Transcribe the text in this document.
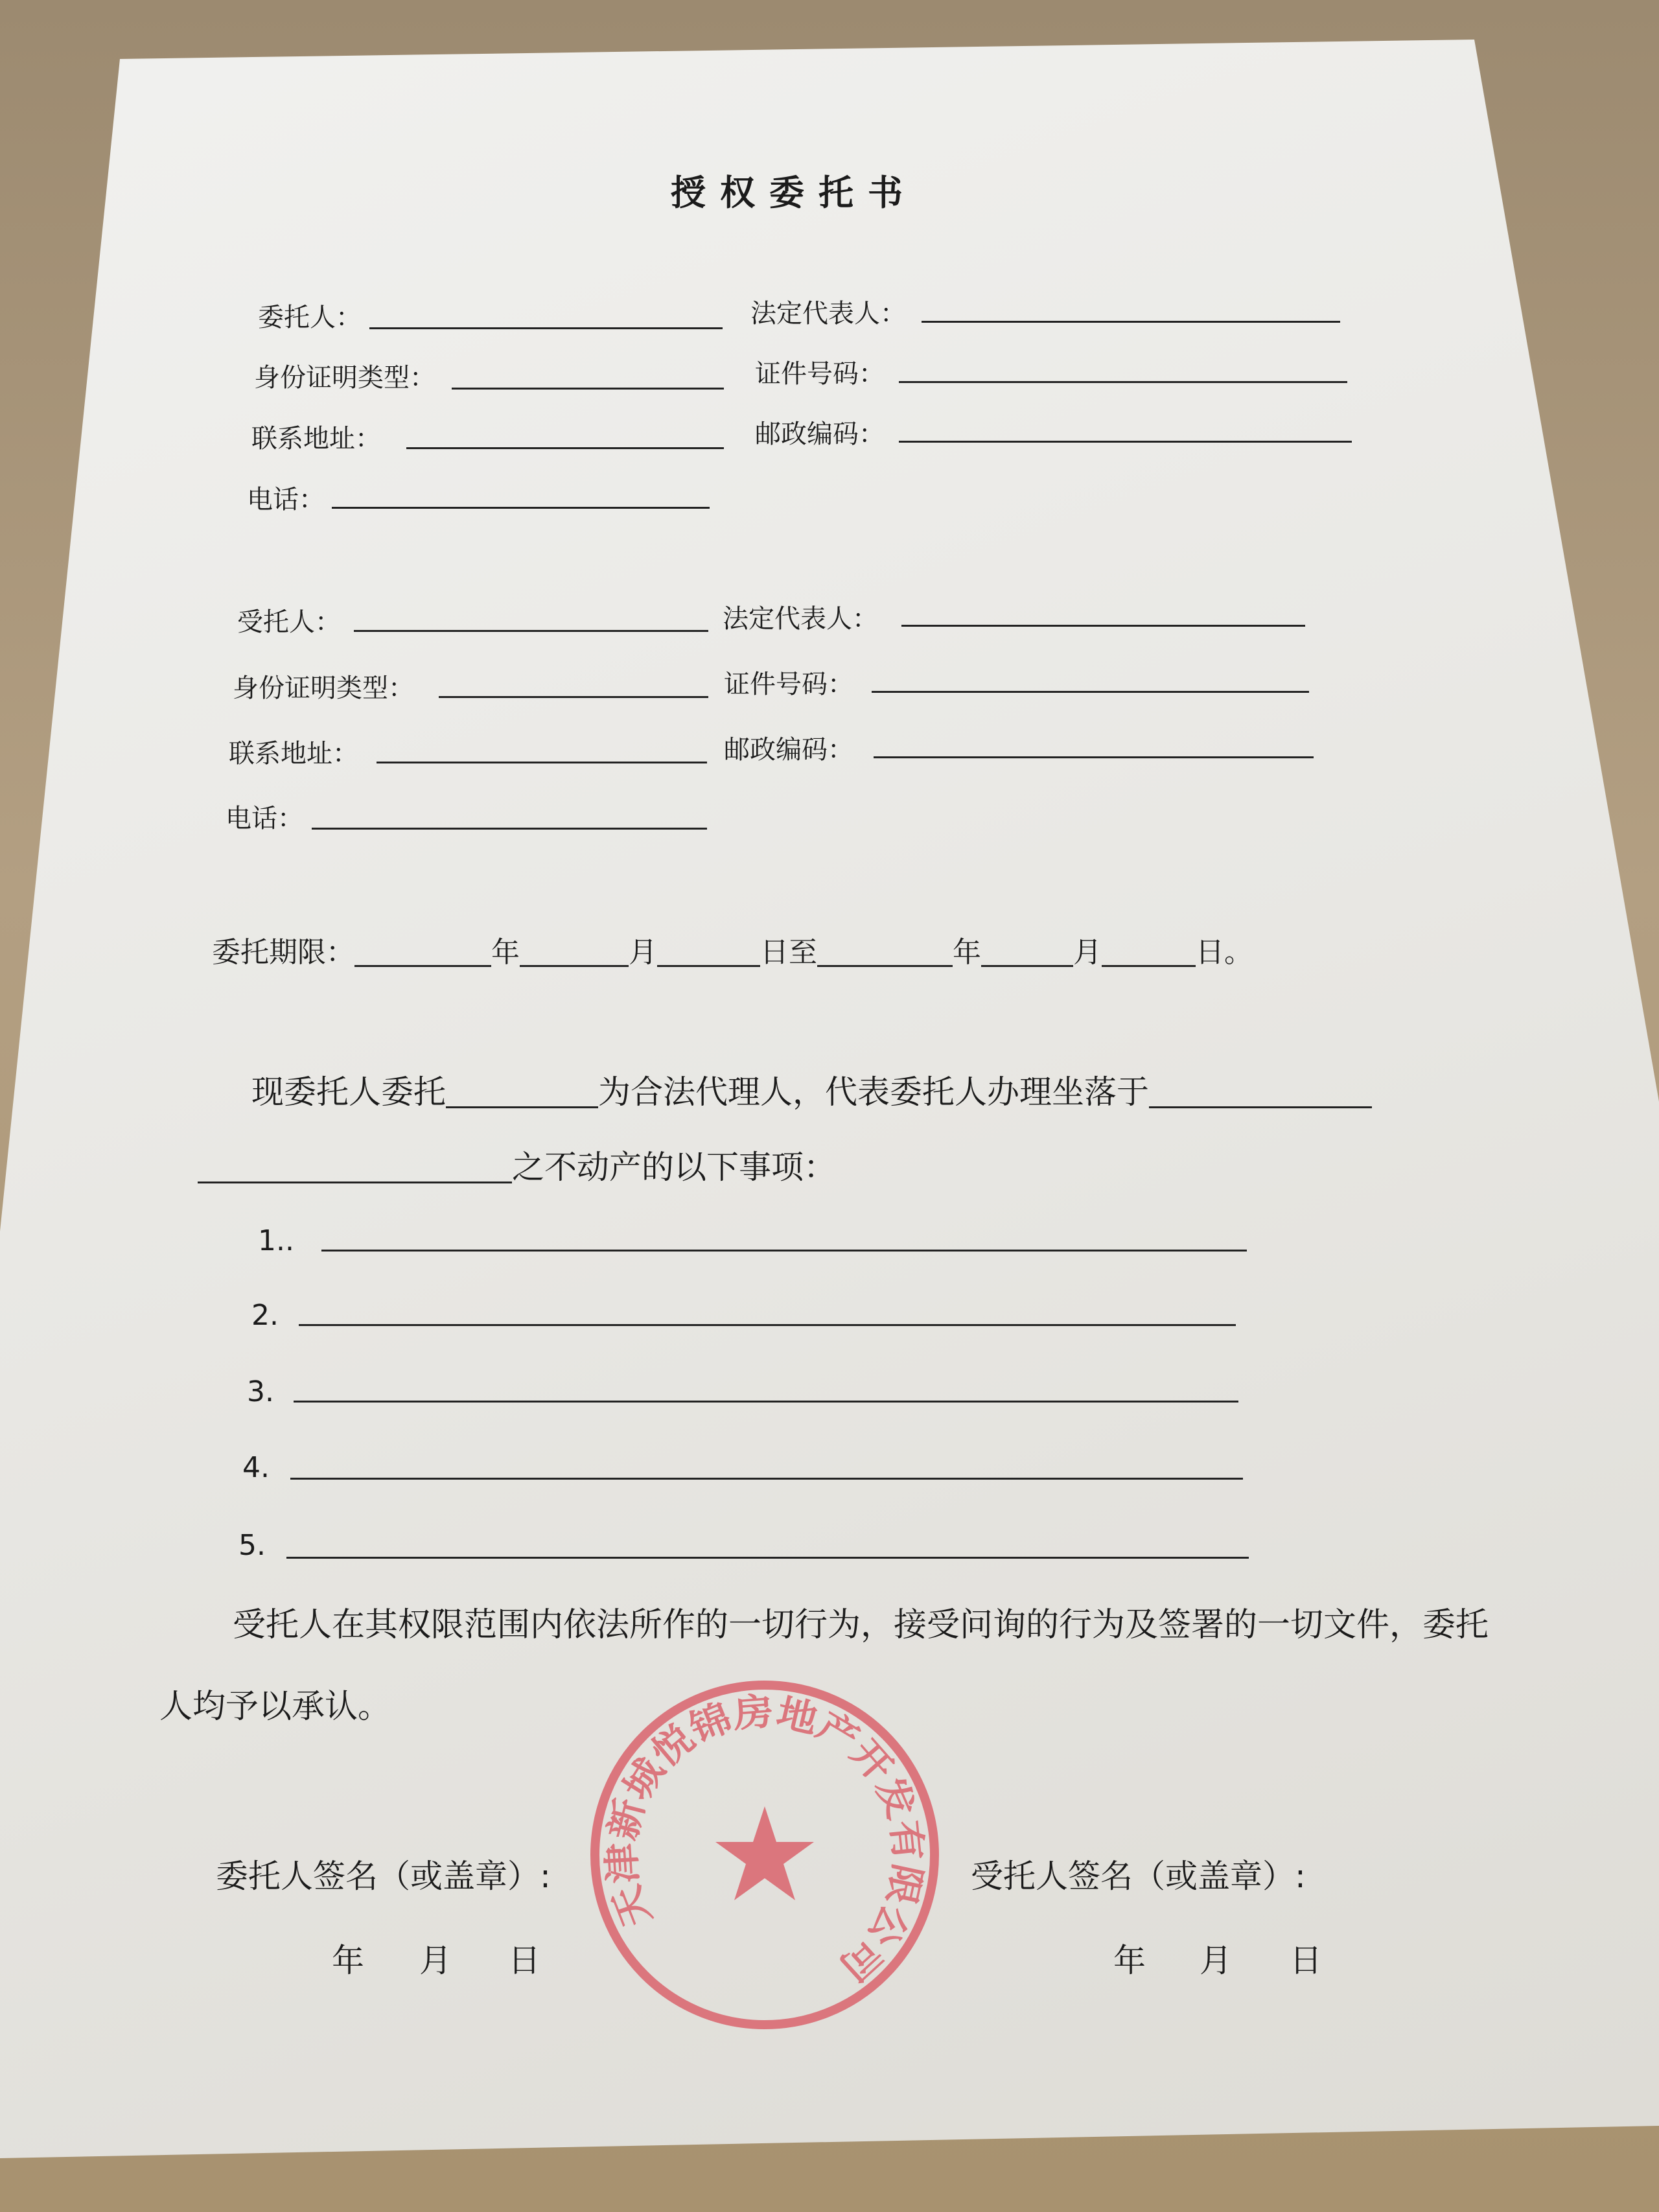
授权委托书
委托人：	法定代表人：
身份证明类型：	证件号码：
联系地址：	邮政编码：
电话：
受托人：	法定代表人：
身份证明类型：	证件号码：
联系地址：	邮政编码：
电话：
委托期限：	年	月	日至	年	月	日。
现委托人委托	为合法代理人，代表委托人办理坐落于
之不动产的以下事项：
1..
2.
3.
4.
5.
受托人在其权限范围内依法所作的一切行为，接受问询的行为及签署的一切文件，委托
人均予以承认。
天津新城悦锦房地产开发有限公司
委托人签名（或盖章）:	受托人签名（或盖章）:
年 月 日	年 月 日
